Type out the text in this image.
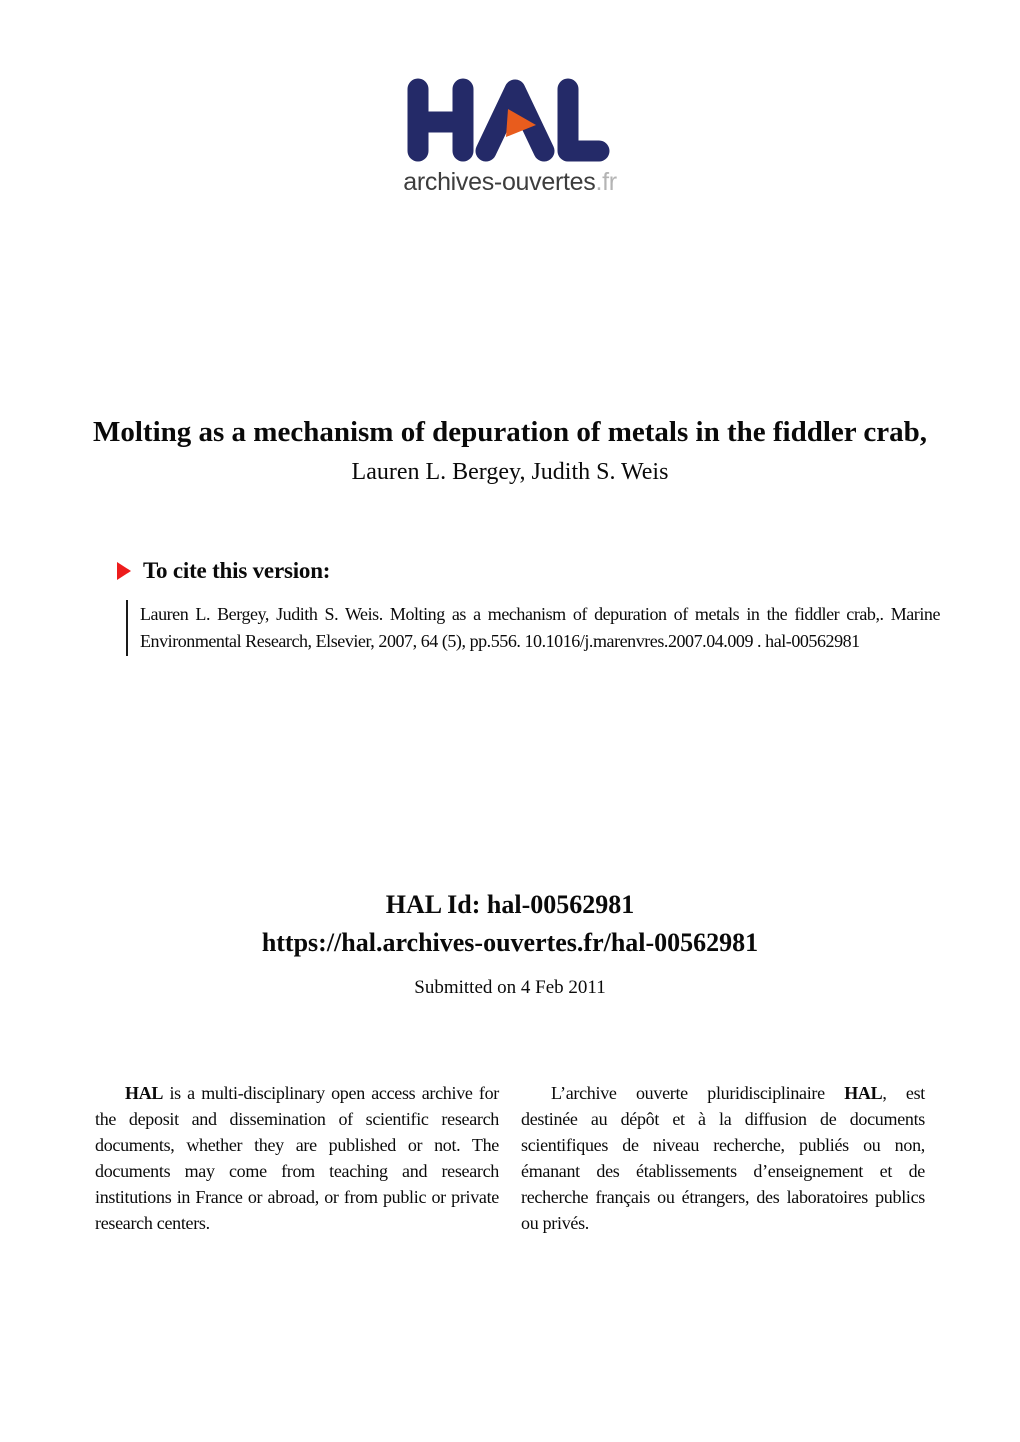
archives-ouvertes.fr
Molting as a mechanism of depuration of metals in the fiddler crab,
Lauren L. Bergey, Judith S. Weis
To cite this version:
Lauren L. Bergey, Judith S. Weis. Molting as a mechanism of depuration of metals in the fiddler crab,. Marine Environmental Research, Elsevier, 2007, 64 (5), pp.556. 10.1016/j.marenvres.2007.04.009 . hal-00562981
HAL Id: hal-00562981
https://hal.archives-ouvertes.fr/hal-00562981
Submitted on 4 Feb 2011

HAL is a multi-disciplinary open access archive for the deposit and dissemination of scientific research documents, whether they are published or not. The documents may come from teaching and research institutions in France or abroad, or from public or private research centers.

L’archive ouverte pluridisciplinaire HAL, est destinée au dépôt et à la diffusion de documents scientifiques de niveau recherche, publiés ou non, émanant des établissements d’enseignement et de recherche français ou étrangers, des laboratoires publics ou privés.
